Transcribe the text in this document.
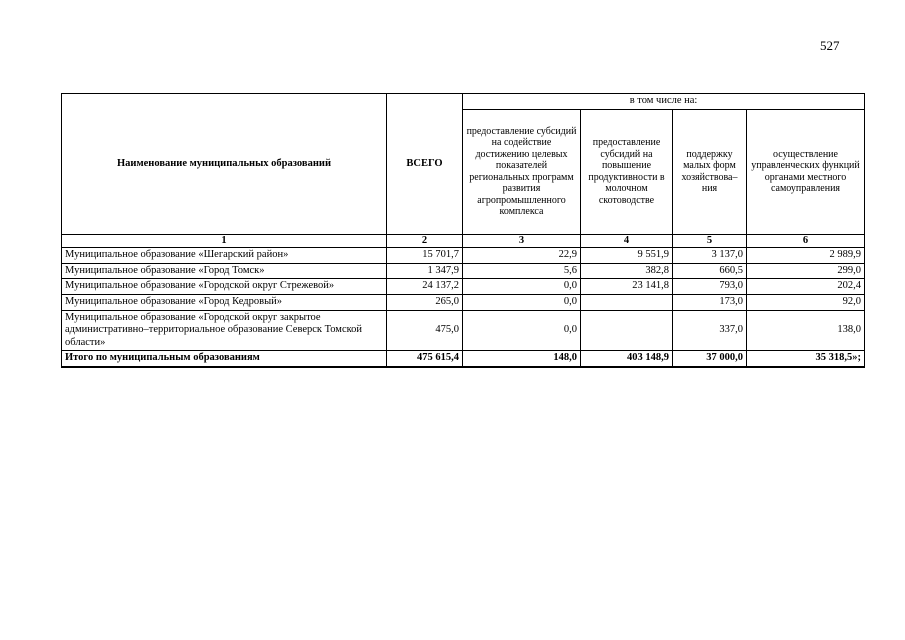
527
Наименование муниципальных образований	ВСЕГО	в том числе на:			
		предоставление субсидий на содействие достижению целевых показателей региональных программ развития агропромышленного комплекса	предоставление субсидий на повышение продуктивности в молочном скотоводстве	поддержку малых форм хозяйствова–ния	осуществление управленческих функций органами местного самоуправления
1	2	3	4	5	6
Муниципальное образование «Шегарский район»	15 701,7	22,9	9 551,9	3 137,0	2 989,9
Муниципальное образование «Город Томск»	1 347,9	5,6	382,8	660,5	299,0
Муниципальное образование «Городской округ Стрежевой»	24 137,2	0,0	23 141,8	793,0	202,4
Муниципальное образование «Город Кедровый»	265,0	0,0		173,0	92,0
Муниципальное образование «Городской округ закрытое административно–территориальное образование Северск Томской области»	475,0	0,0		337,0	138,0
Итого по муниципальным образованиям	475 615,4	148,0	403 148,9	37 000,0	35 318,5»;
